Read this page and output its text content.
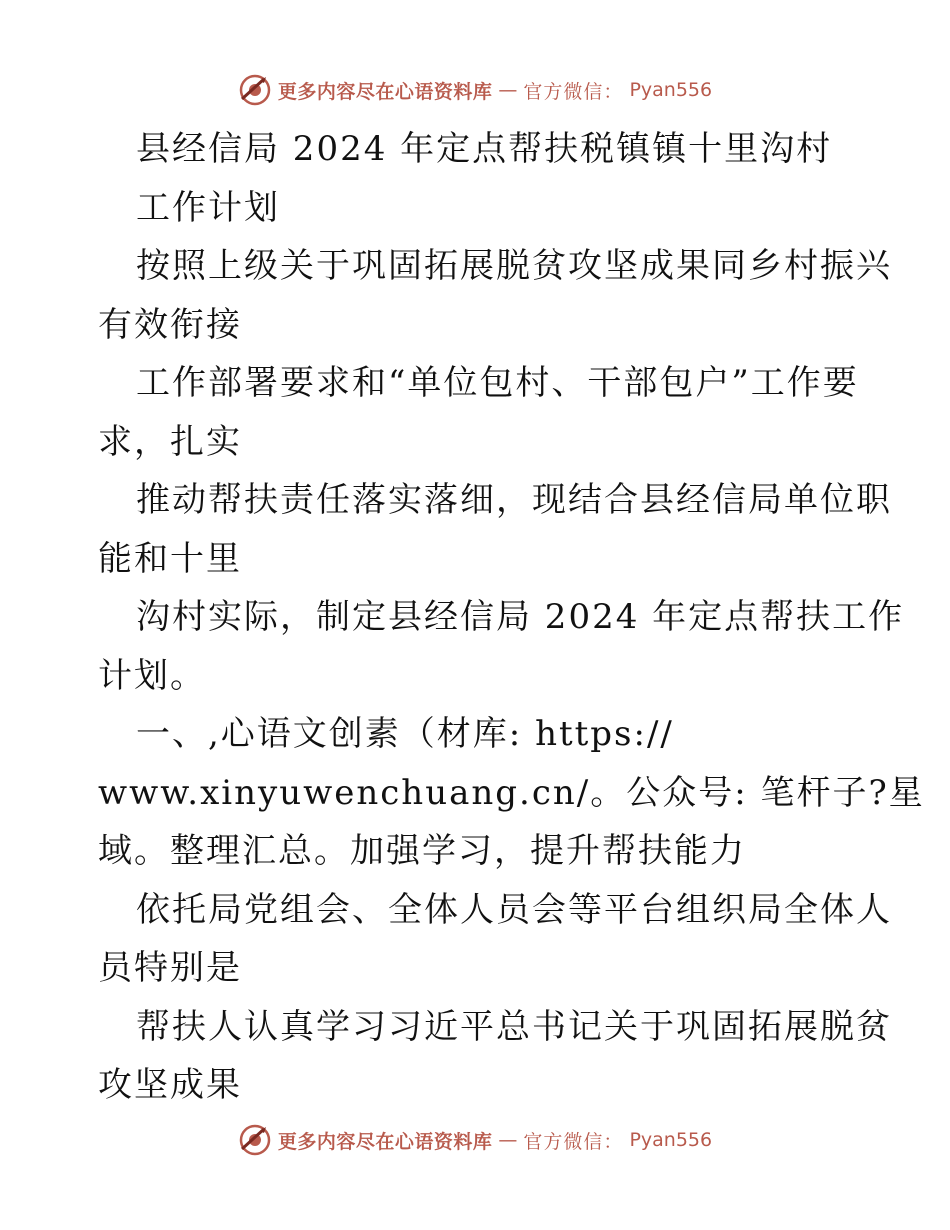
更多内容尽在心语资料库 — 官方微信： Pyan556
县经信局 2024 年定点帮扶税镇镇十里沟村
工作计划
按照上级关于巩固拓展脱贫攻坚成果同乡村振兴
有效衔接
工作部署要求和“单位包村、干部包户”工作要
求，扎实
推动帮扶责任落实落细，现结合县经信局单位职
能和十里
沟村实际，制定县经信局 2024 年定点帮扶工作
计划。
一、,心语文创素（材库: https://
www.xinyuwenchuang.cn/。公众号: 笔杆子?星
域。整理汇总。加强学习，提升帮扶能力
依托局党组会、全体人员会等平台组织局全体人
员特别是
帮扶人认真学习习近平总书记关于巩固拓展脱贫
攻坚成果
更多内容尽在心语资料库 — 官方微信： Pyan556
